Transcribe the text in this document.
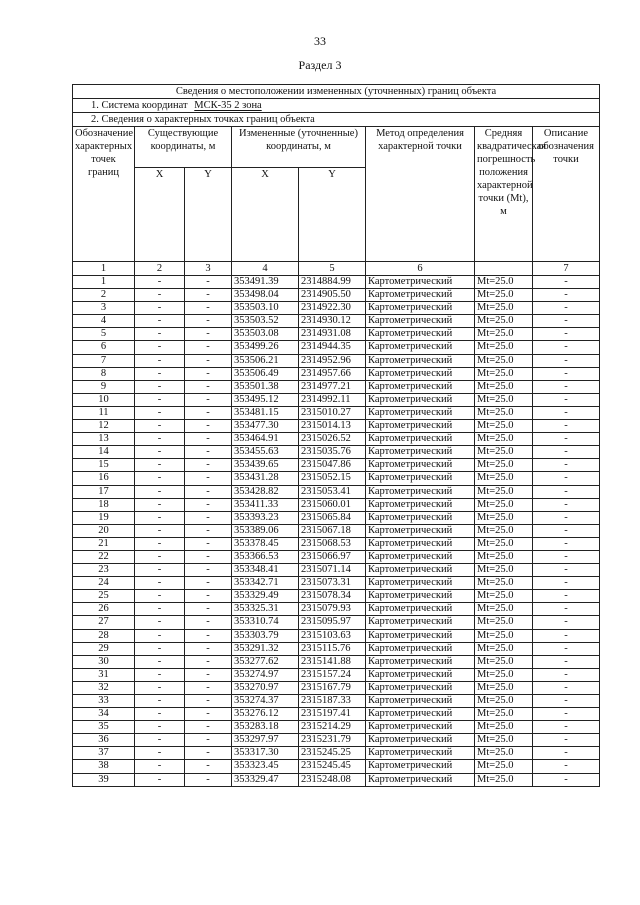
33
Раздел 3
Сведения о местоположении измененных (уточненных) границ объекта							
1. Система координат МСК-35 2 зона							
2. Сведения о характерных точках границ объекта							
Обозначение характерных точек границ	Существующие координаты, м		Измененные (уточненные) координаты, м		Метод определения характерной точки	Средняя квадратическая погрешность положения характерной точки (Mt), м	Описание обозначения точки
	X	Y	X	Y			
1	2	3	4	5	6		7
1	-	-	353491.39	2314884.99	Картометрический	Mt=25.0	-
2	-	-	353498.04	2314905.50	Картометрический	Mt=25.0	-
3	-	-	353503.10	2314922.30	Картометрический	Mt=25.0	-
4	-	-	353503.52	2314930.12	Картометрический	Mt=25.0	-
5	-	-	353503.08	2314931.08	Картометрический	Mt=25.0	-
6	-	-	353499.26	2314944.35	Картометрический	Mt=25.0	-
7	-	-	353506.21	2314952.96	Картометрический	Mt=25.0	-
8	-	-	353506.49	2314957.66	Картометрический	Mt=25.0	-
9	-	-	353501.38	2314977.21	Картометрический	Mt=25.0	-
10	-	-	353495.12	2314992.11	Картометрический	Mt=25.0	-
11	-	-	353481.15	2315010.27	Картометрический	Mt=25.0	-
12	-	-	353477.30	2315014.13	Картометрический	Mt=25.0	-
13	-	-	353464.91	2315026.52	Картометрический	Mt=25.0	-
14	-	-	353455.63	2315035.76	Картометрический	Mt=25.0	-
15	-	-	353439.65	2315047.86	Картометрический	Mt=25.0	-
16	-	-	353431.28	2315052.15	Картометрический	Mt=25.0	-
17	-	-	353428.82	2315053.41	Картометрический	Mt=25.0	-
18	-	-	353411.33	2315060.01	Картометрический	Mt=25.0	-
19	-	-	353393.23	2315065.84	Картометрический	Mt=25.0	-
20	-	-	353389.06	2315067.18	Картометрический	Mt=25.0	-
21	-	-	353378.45	2315068.53	Картометрический	Mt=25.0	-
22	-	-	353366.53	2315066.97	Картометрический	Mt=25.0	-
23	-	-	353348.41	2315071.14	Картометрический	Mt=25.0	-
24	-	-	353342.71	2315073.31	Картометрический	Mt=25.0	-
25	-	-	353329.49	2315078.34	Картометрический	Mt=25.0	-
26	-	-	353325.31	2315079.93	Картометрический	Mt=25.0	-
27	-	-	353310.74	2315095.97	Картометрический	Mt=25.0	-
28	-	-	353303.79	2315103.63	Картометрический	Mt=25.0	-
29	-	-	353291.32	2315115.76	Картометрический	Mt=25.0	-
30	-	-	353277.62	2315141.88	Картометрический	Mt=25.0	-
31	-	-	353274.97	2315157.24	Картометрический	Mt=25.0	-
32	-	-	353270.97	2315167.79	Картометрический	Mt=25.0	-
33	-	-	353274.37	2315187.33	Картометрический	Mt=25.0	-
34	-	-	353276.12	2315197.41	Картометрический	Mt=25.0	-
35	-	-	353283.18	2315214.29	Картометрический	Mt=25.0	-
36	-	-	353297.97	2315231.79	Картометрический	Mt=25.0	-
37	-	-	353317.30	2315245.25	Картометрический	Mt=25.0	-
38	-	-	353323.45	2315245.45	Картометрический	Mt=25.0	-
39	-	-	353329.47	2315248.08	Картометрический	Mt=25.0	-
